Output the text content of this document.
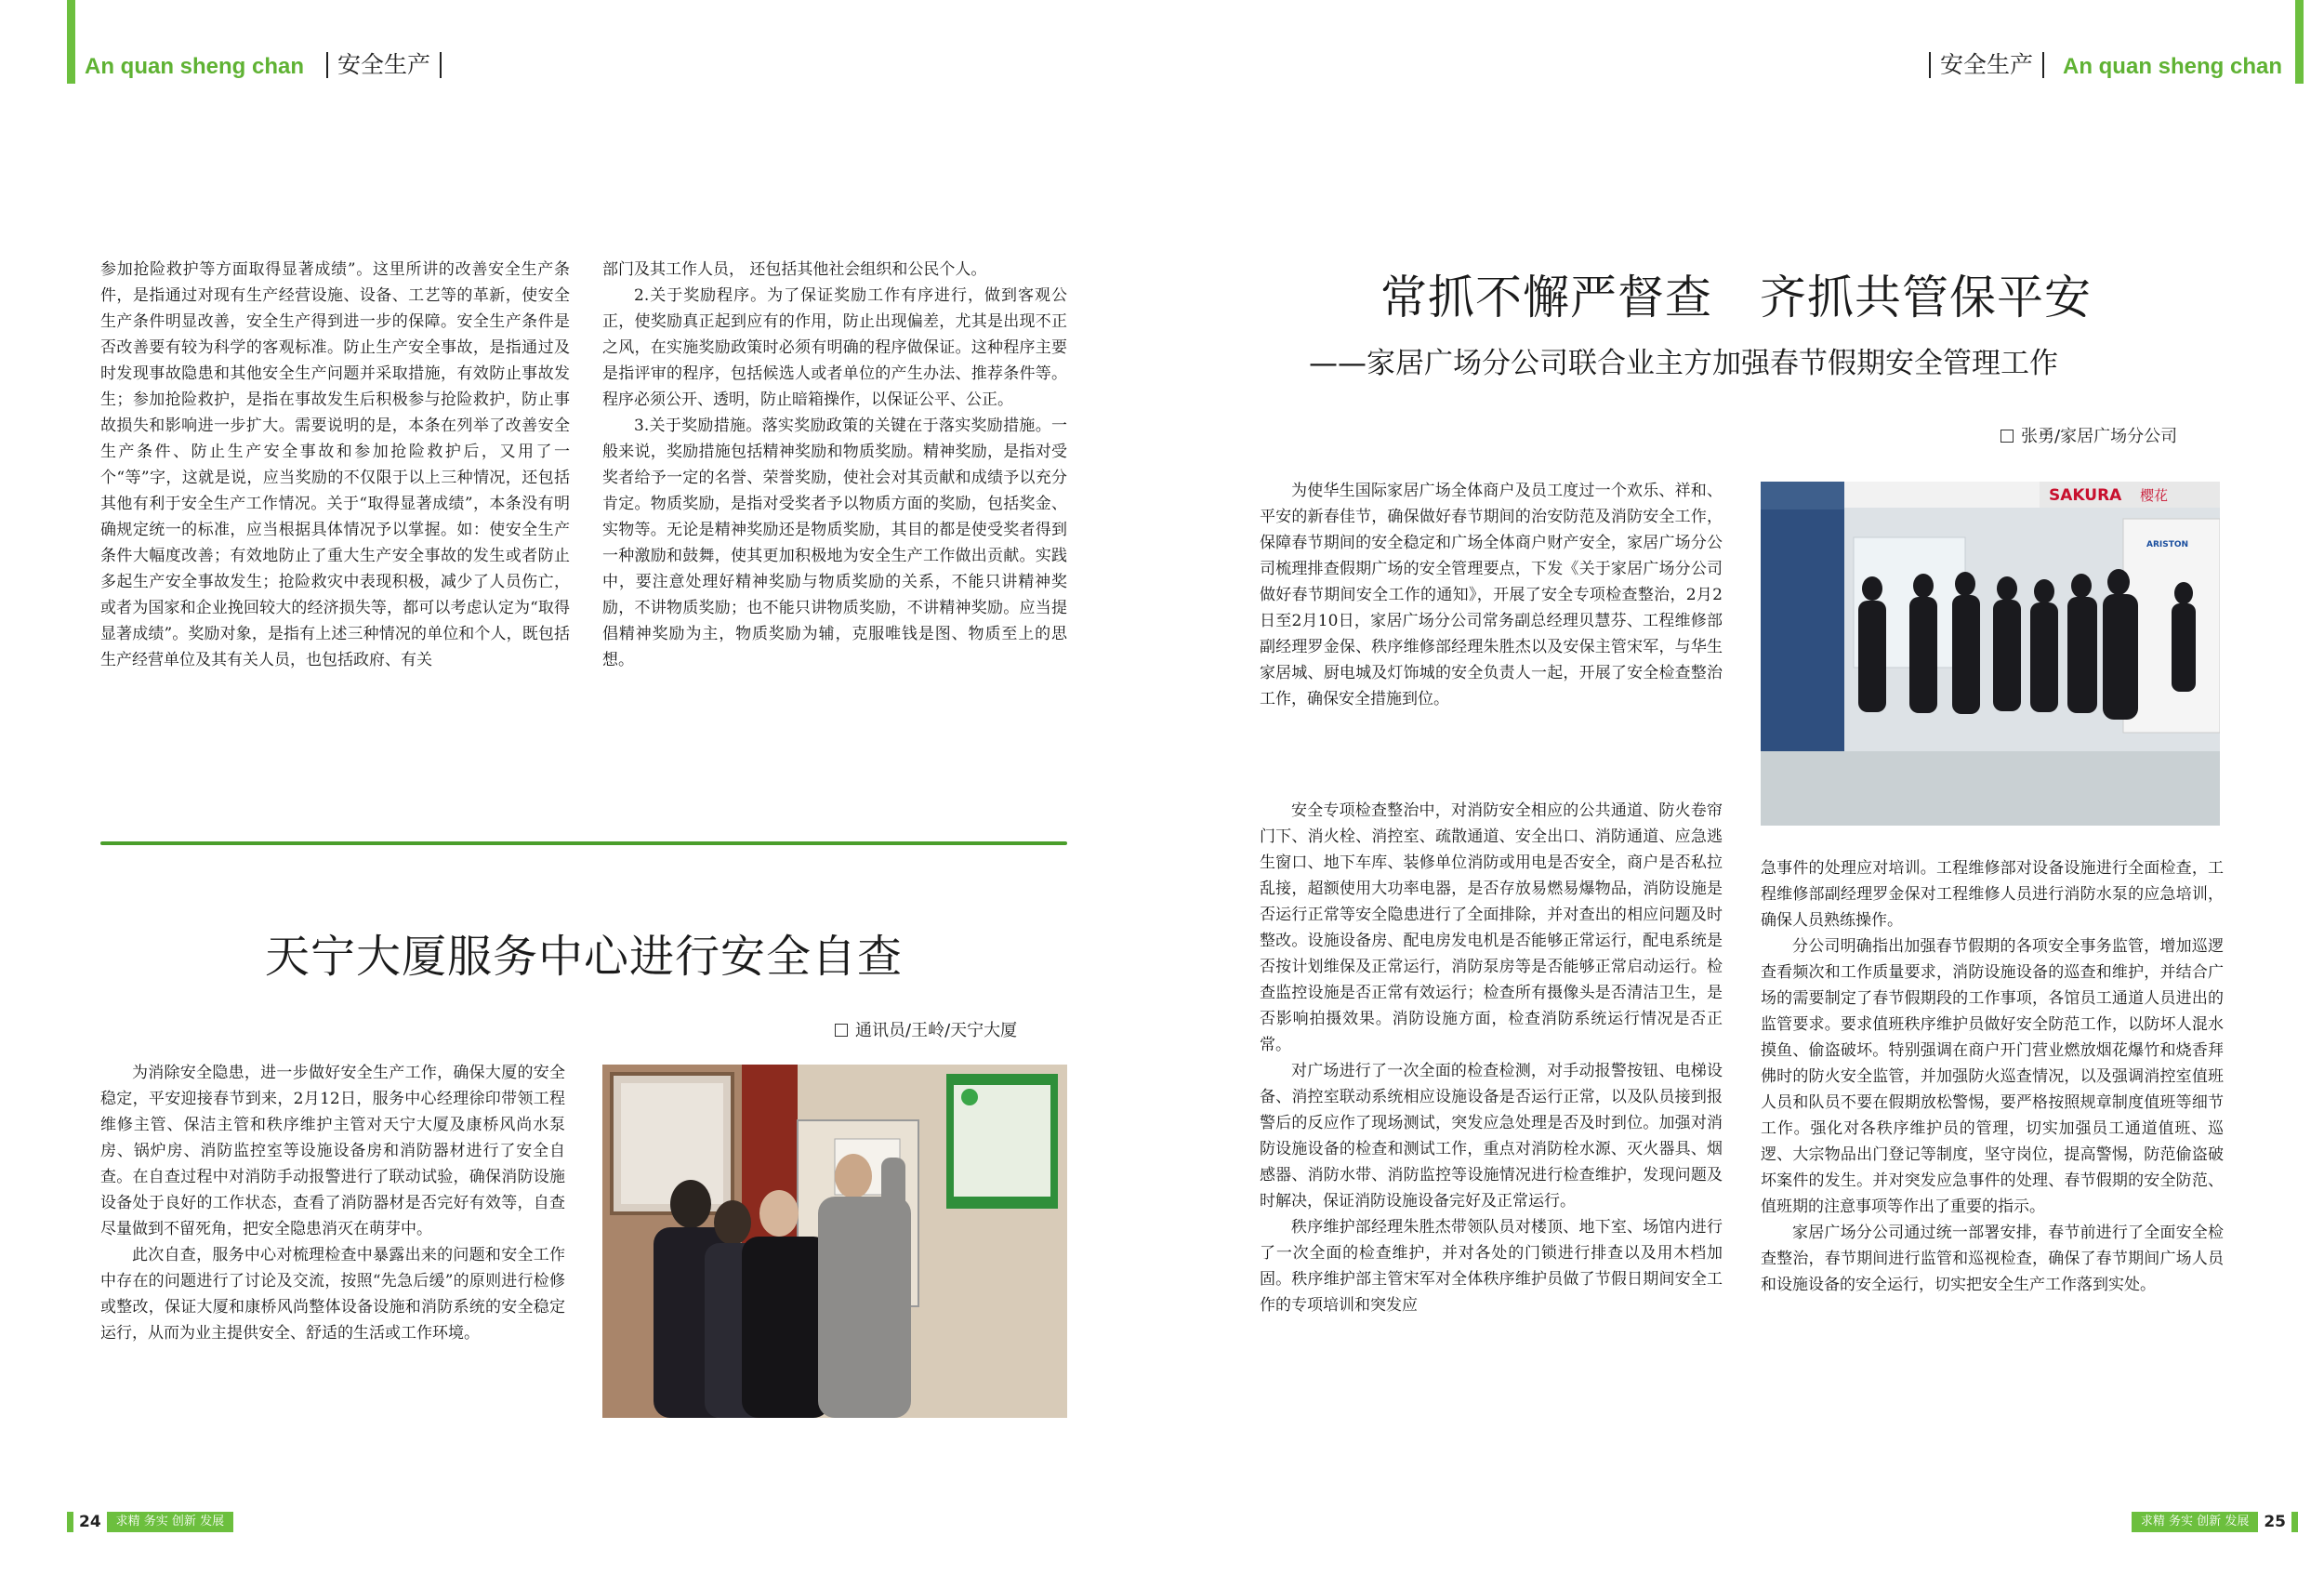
An quan sheng chan	安全生产	安全生产	An quan sheng chan

参加抢险救护等方面取得显著成绩”。这里所讲的改善安全生产条件，是指通过对现有生产经营设施、设备、工艺等的革新，使安全生产条件明显改善，安全生产得到进一步的保障。安全生产条件是否改善要有较为科学的客观标准。防止生产安全事故，是指通过及时发现事故隐患和其他安全生产问题并采取措施，有效防止事故发生；参加抢险救护，是指在事故发生后积极参与抢险救护，防止事故损失和影响进一步扩大。需要说明的是，本条在列举了改善安全生产条件、防止生产安全事故和参加抢险救护后，又用了一个“等”字，这就是说，应当奖励的不仅限于以上三种情况，还包括其他有利于安全生产工作情况。关于“取得显著成绩”，本条没有明确规定统一的标准，应当根据具体情况予以掌握。如：使安全生产条件大幅度改善；有效地防止了重大生产安全事故的发生或者防止多起生产安全事故发生；抢险救灾中表现积极，减少了人员伤亡，或者为国家和企业挽回较大的经济损失等，都可以考虑认定为“取得显著成绩”。奖励对象，是指有上述三种情况的单位和个人，既包括生产经营单位及其有关人员，也包括政府、有关

部门及其工作人员， 还包括其他社会组织和公民个人。

2.关于奖励程序。为了保证奖励工作有序进行，做到客观公正，使奖励真正起到应有的作用，防止出现偏差，尤其是出现不正之风，在实施奖励政策时必须有明确的程序做保证。这种程序主要是指评审的程序，包括候选人或者单位的产生办法、推荐条件等。程序必须公开、透明，防止暗箱操作，以保证公平、公正。

3.关于奖励措施。落实奖励政策的关键在于落实奖励措施。一般来说，奖励措施包括精神奖励和物质奖励。精神奖励，是指对受奖者给予一定的名誉、荣誉奖励，使社会对其贡献和成绩予以充分肯定。物质奖励，是指对受奖者予以物质方面的奖励，包括奖金、实物等。无论是精神奖励还是物质奖励，其目的都是使受奖者得到一种激励和鼓舞，使其更加积极地为安全生产工作做出贡献。实践中，要注意处理好精神奖励与物质奖励的关系，不能只讲精神奖励，不讲物质奖励；也不能只讲物质奖励，不讲精神奖励。应当提倡精神奖励为主，物质奖励为辅，克服唯钱是图、物质至上的思想。

天宁大厦服务中心进行安全自查
通讯员/王岭/天宁大厦

为消除安全隐患，进一步做好安全生产工作，确保大厦的安全稳定，平安迎接春节到来，2月12日，服务中心经理徐印带领工程维修主管、保洁主管和秩序维护主管对天宁大厦及康桥风尚水泵房、锅炉房、消防监控室等设施设备房和消防器材进行了安全自查。在自查过程中对消防手动报警进行了联动试验，确保消防设施设备处于良好的工作状态，查看了消防器材是否完好有效等，自查尽量做到不留死角，把安全隐患消灭在萌芽中。

此次自查，服务中心对梳理检查中暴露出来的问题和安全工作中存在的问题进行了讨论及交流，按照“先急后缓”的原则进行检修或整改，保证大厦和康桥风尚整体设备设施和消防系统的安全稳定运行，从而为业主提供安全、舒适的生活或工作环境。

24	求精 务实 创新 发展
常抓不懈严督查　齐抓共管保平安
——家居广场分公司联合业主方加强春节假期安全管理工作
张勇/家居广场分公司

为使华生国际家居广场全体商户及员工度过一个欢乐、祥和、平安的新春佳节，确保做好春节期间的治安防范及消防安全工作，保障春节期间的安全稳定和广场全体商户财产安全，家居广场分公司梳理排查假期广场的安全管理要点，下发《关于家居广场分公司做好春节期间安全工作的通知》，开展了安全专项检查整治，2月2日至2月10日，家居广场分公司常务副总经理贝慧芬、工程维修部副经理罗金保、秩序维修部经理朱胜杰以及安保主管宋军，与华生家居城、厨电城及灯饰城的安全负责人一起，开展了安全检查整治工作，确保安全措施到位。

安全专项检查整治中，对消防安全相应的公共通道、防火卷帘门下、消火栓、消控室、疏散通道、安全出口、消防通道、应急逃生窗口、地下车库、装修单位消防或用电是否安全，商户是否私拉乱接，超额使用大功率电器，是否存放易燃易爆物品，消防设施是否运行正常等安全隐患进行了全面排除，并对查出的相应问题及时整改。设施设备房、配电房发电机是否能够正常运行，配电系统是否按计划维保及正常运行，消防泵房等是否能够正常启动运行。检查监控设施是否正常有效运行；检查所有摄像头是否清洁卫生，是否影响拍摄效果。消防设施方面，检查消防系统运行情况是否正常。

对广场进行了一次全面的检查检测，对手动报警按钮、电梯设备、消控室联动系统相应设施设备是否运行正常，以及队员接到报警后的反应作了现场测试，突发应急处理是否及时到位。加强对消防设施设备的检查和测试工作，重点对消防栓水源、灭火器具、烟感器、消防水带、消防监控等设施情况进行检查维护，发现问题及时解决，保证消防设施设备完好及正常运行。

秩序维护部经理朱胜杰带领队员对楼顶、地下室、场馆内进行了一次全面的检查维护，并对各处的门锁进行排查以及用木档加固。秩序维护部主管宋军对全体秩序维护员做了节假日期间安全工作的专项培训和突发应

SAKURA 樱花
ARISTON

急事件的处理应对培训。工程维修部对设备设施进行全面检查，工程维修部副经理罗金保对工程维修人员进行消防水泵的应急培训，确保人员熟练操作。

分公司明确指出加强春节假期的各项安全事务监管，增加巡逻查看频次和工作质量要求，消防设施设备的巡查和维护，并结合广场的需要制定了春节假期段的工作事项，各馆员工通道人员进出的监管要求。要求值班秩序维护员做好安全防范工作，以防坏人混水摸鱼、偷盗破坏。特别强调在商户开门营业燃放烟花爆竹和烧香拜佛时的防火安全监管，并加强防火巡查情况，以及强调消控室值班人员和队员不要在假期放松警惕，要严格按照规章制度值班等细节工作。强化对各秩序维护员的管理，切实加强员工通道值班、巡逻、大宗物品出门登记等制度，坚守岗位，提高警惕，防范偷盗破坏案件的发生。并对突发应急事件的处理、春节假期的安全防范、值班期的注意事项等作出了重要的指示。

家居广场分公司通过统一部署安排，春节前进行了全面安全检查整治，春节期间进行监管和巡视检查，确保了春节期间广场人员和设施设备的安全运行，切实把安全生产工作落到实处。

求精 务实 创新 发展 25
